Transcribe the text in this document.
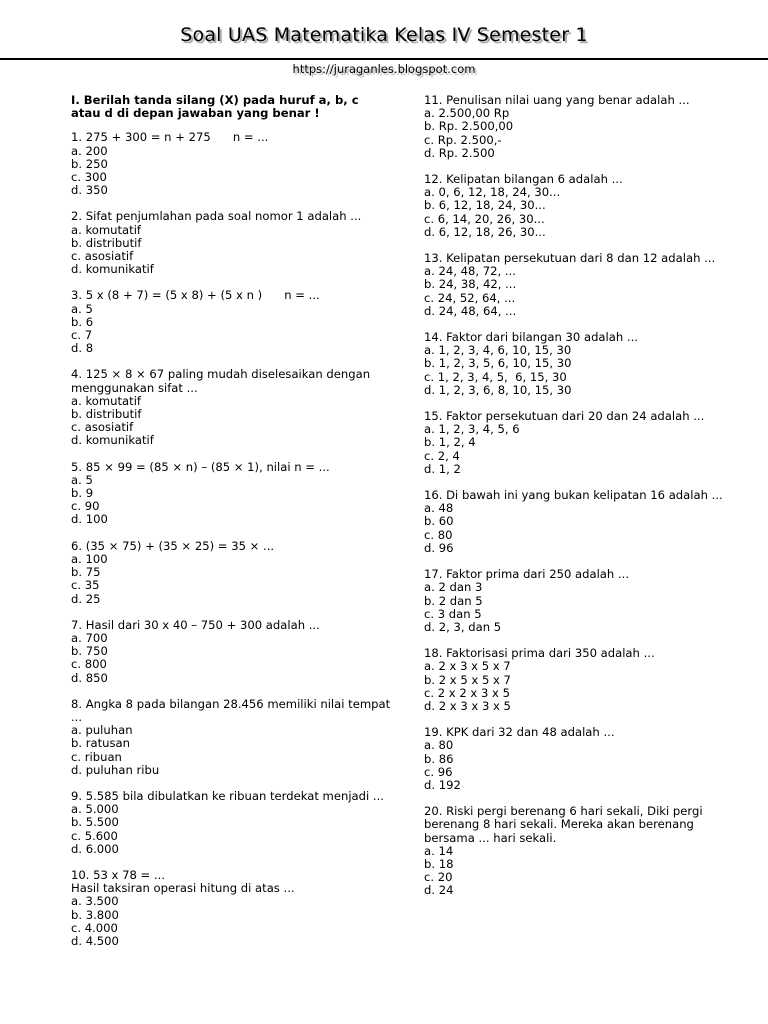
Soal UAS Matematika Kelas IV Semester 1
https://juraganles.blogspot.com
I. Berilah tanda silang (X) pada huruf a, b, c atau d di depan jawaban yang benar !
1. 275 + 300 = n + 275      n = ...
a. 200
b. 250
c. 300
d. 350
2. Sifat penjumlahan pada soal nomor 1 adalah ...
a. komutatif
b. distributif
c. asosiatif
d. komunikatif
3. 5 x (8 + 7) = (5 x 8) + (5 x n )      n = ...
a. 5
b. 6
c. 7
d. 8
4. 125 × 8 × 67 paling mudah diselesaikan dengan menggunakan sifat ...
a. komutatif
b. distributif
c. asosiatif
d. komunikatif
5. 85 × 99 = (85 × n) – (85 × 1), nilai n = ...
a. 5
b. 9
c. 90
d. 100
6. (35 × 75) + (35 × 25) = 35 × ...
a. 100
b. 75
c. 35
d. 25
7. Hasil dari 30 x 40 – 750 + 300 adalah ...
a. 700
b. 750
c. 800
d. 850
8. Angka 8 pada bilangan 28.456 memiliki nilai tempat ...
a. puluhan
b. ratusan
c. ribuan
d. puluhan ribu
9. 5.585 bila dibulatkan ke ribuan terdekat menjadi ...
a. 5.000
b. 5.500
c. 5.600
d. 6.000
10. 53 x 78 = ...
Hasil taksiran operasi hitung di atas ...
a. 3.500
b. 3.800
c. 4.000
d. 4.500
11. Penulisan nilai uang yang benar adalah ...
a. 2.500,00 Rp
b. Rp. 2.500,00
c. Rp. 2.500,-
d. Rp. 2.500
12. Kelipatan bilangan 6 adalah ...
a. 0, 6, 12, 18, 24, 30...
b. 6, 12, 18, 24, 30...
c. 6, 14, 20, 26, 30...
d. 6, 12, 18, 26, 30...
13. Kelipatan persekutuan dari 8 dan 12 adalah ...
a. 24, 48, 72, ...
b. 24, 38, 42, ...
c. 24, 52, 64, ...
d. 24, 48, 64, ...
14. Faktor dari bilangan 30 adalah ...
a. 1, 2, 3, 4, 6, 10, 15, 30
b. 1, 2, 3, 5, 6, 10, 15, 30
c. 1, 2, 3, 4, 5,  6, 15, 30
d. 1, 2, 3, 6, 8, 10, 15, 30
15. Faktor persekutuan dari 20 dan 24 adalah ...
a. 1, 2, 3, 4, 5, 6
b. 1, 2, 4
c. 2, 4
d. 1, 2
16. Di bawah ini yang bukan kelipatan 16 adalah ...
a. 48
b. 60
c. 80
d. 96
17. Faktor prima dari 250 adalah ...
a. 2 dan 3
b. 2 dan 5
c. 3 dan 5
d. 2, 3, dan 5
18. Faktorisasi prima dari 350 adalah ...
a. 2 x 3 x 5 x 7
b. 2 x 5 x 5 x 7
c. 2 x 2 x 3 x 5
d. 2 x 3 x 3 x 5
19. KPK dari 32 dan 48 adalah ...
a. 80
b. 86
c. 96
d. 192
20. Riski pergi berenang 6 hari sekali, Diki pergi berenang 8 hari sekali. Mereka akan berenang bersama ... hari sekali.
a. 14
b. 18
c. 20
d. 24
